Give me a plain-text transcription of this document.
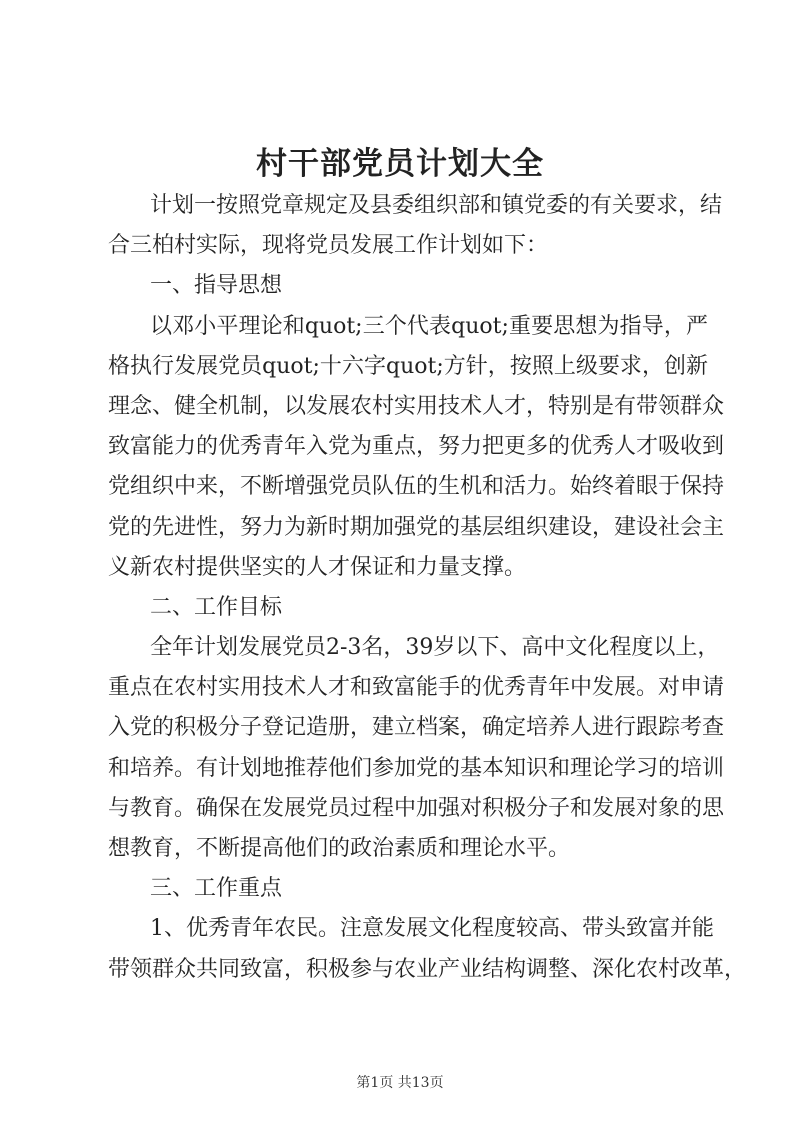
村干部党员计划大全
计划一按照党章规定及县委组织部和镇党委的有关要求，结
合三柏村实际，现将党员发展工作计划如下：
一、指导思想
以邓小平理论和quot;三个代表quot;重要思想为指导，严
格执行发展党员quot;十六字quot;方针，按照上级要求，创新
理念、健全机制，以发展农村实用技术人才，特别是有带领群众
致富能力的优秀青年入党为重点，努力把更多的优秀人才吸收到
党组织中来，不断增强党员队伍的生机和活力。始终着眼于保持
党的先进性，努力为新时期加强党的基层组织建设，建设社会主
义新农村提供坚实的人才保证和力量支撑。
二、工作目标
全年计划发展党员2-3名，39岁以下、高中文化程度以上，
重点在农村实用技术人才和致富能手的优秀青年中发展。对申请
入党的积极分子登记造册，建立档案，确定培养人进行跟踪考查
和培养。有计划地推荐他们参加党的基本知识和理论学习的培训
与教育。确保在发展党员过程中加强对积极分子和发展对象的思
想教育，不断提高他们的政治素质和理论水平。
三、工作重点
1、优秀青年农民。注意发展文化程度较高、带头致富并能
带领群众共同致富，积极参与农业产业结构调整、深化农村改革，
第1页 共13页
